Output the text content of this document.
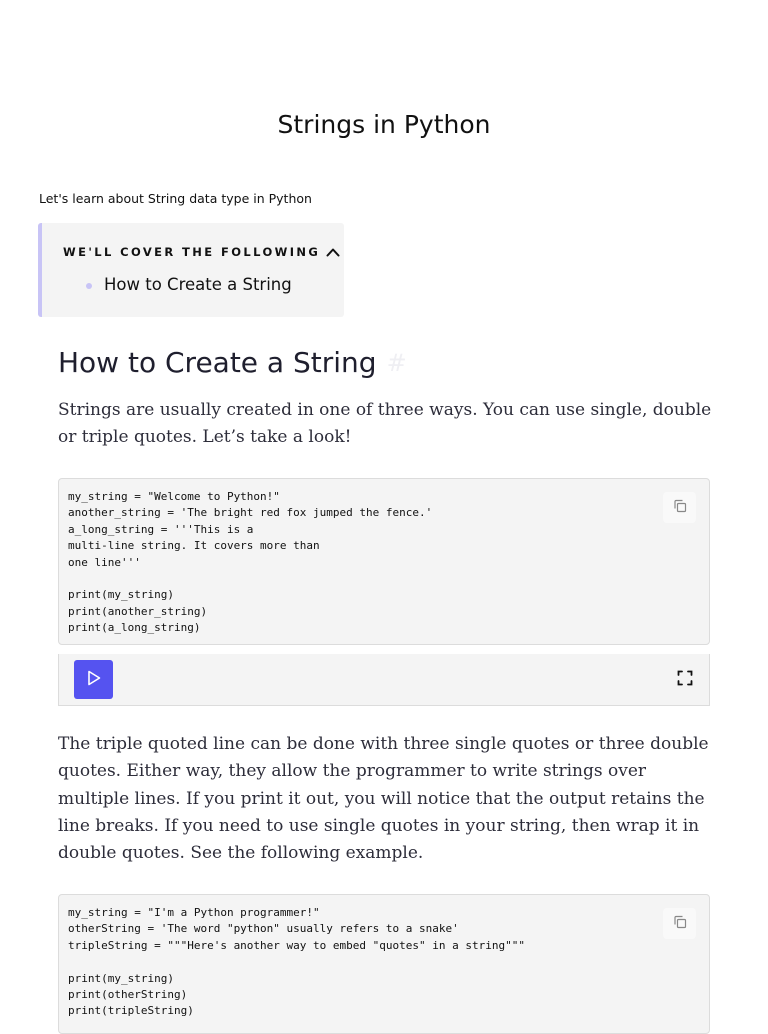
Strings in Python

Let's learn about String data type in Python

WE'LL COVER THE FOLLOWING
How to Create a String
How to Create a String #

Strings are usually created in one of three ways. You can use single, double or triple quotes. Let’s take a look!

my_string = "Welcome to Python!"
another_string = 'The bright red fox jumped the fence.'
a_long_string = '''This is a
multi-line string. It covers more than
one line'''

print(my_string)
print(another_string)
print(a_long_string)

The triple quoted line can be done with three single quotes or three double quotes. Either way, they allow the programmer to write strings over multiple lines. If you print it out, you will notice that the output retains the line breaks. If you need to use single quotes in your string, then wrap it in double quotes. See the following example.

my_string = "I'm a Python programmer!"
otherString = 'The word "python" usually refers to a snake'
tripleString = """Here's another way to embed "quotes" in a string"""

print(my_string)
print(otherString)
print(tripleString)
